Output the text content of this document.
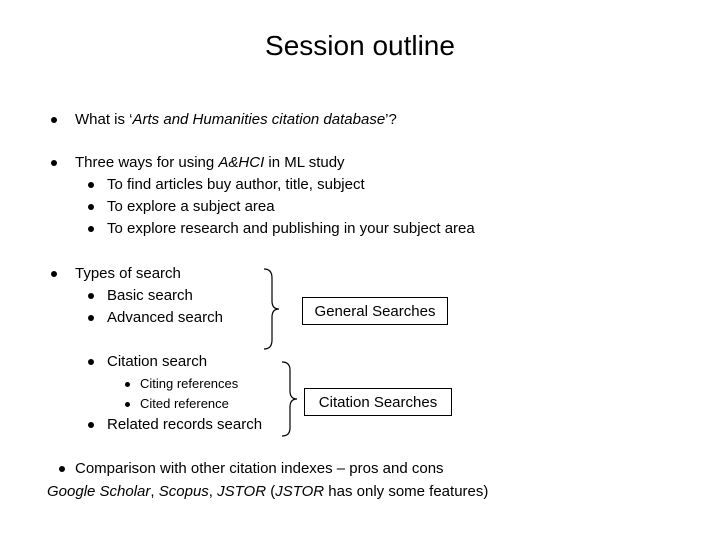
Session outline
What is ‘Arts and Humanities citation database’?
Three ways for using A&HCI in ML study
To find articles buy author, title, subject
To explore a subject area
To explore research and publishing in your subject area
Types of search
Basic search
Advanced search
Citation search
Citing references
Cited reference
Related records search
General Searches
Citation Searches
Comparison with other citation indexes – pros and cons
Google Scholar, Scopus, JSTOR (JSTOR has only some features)
